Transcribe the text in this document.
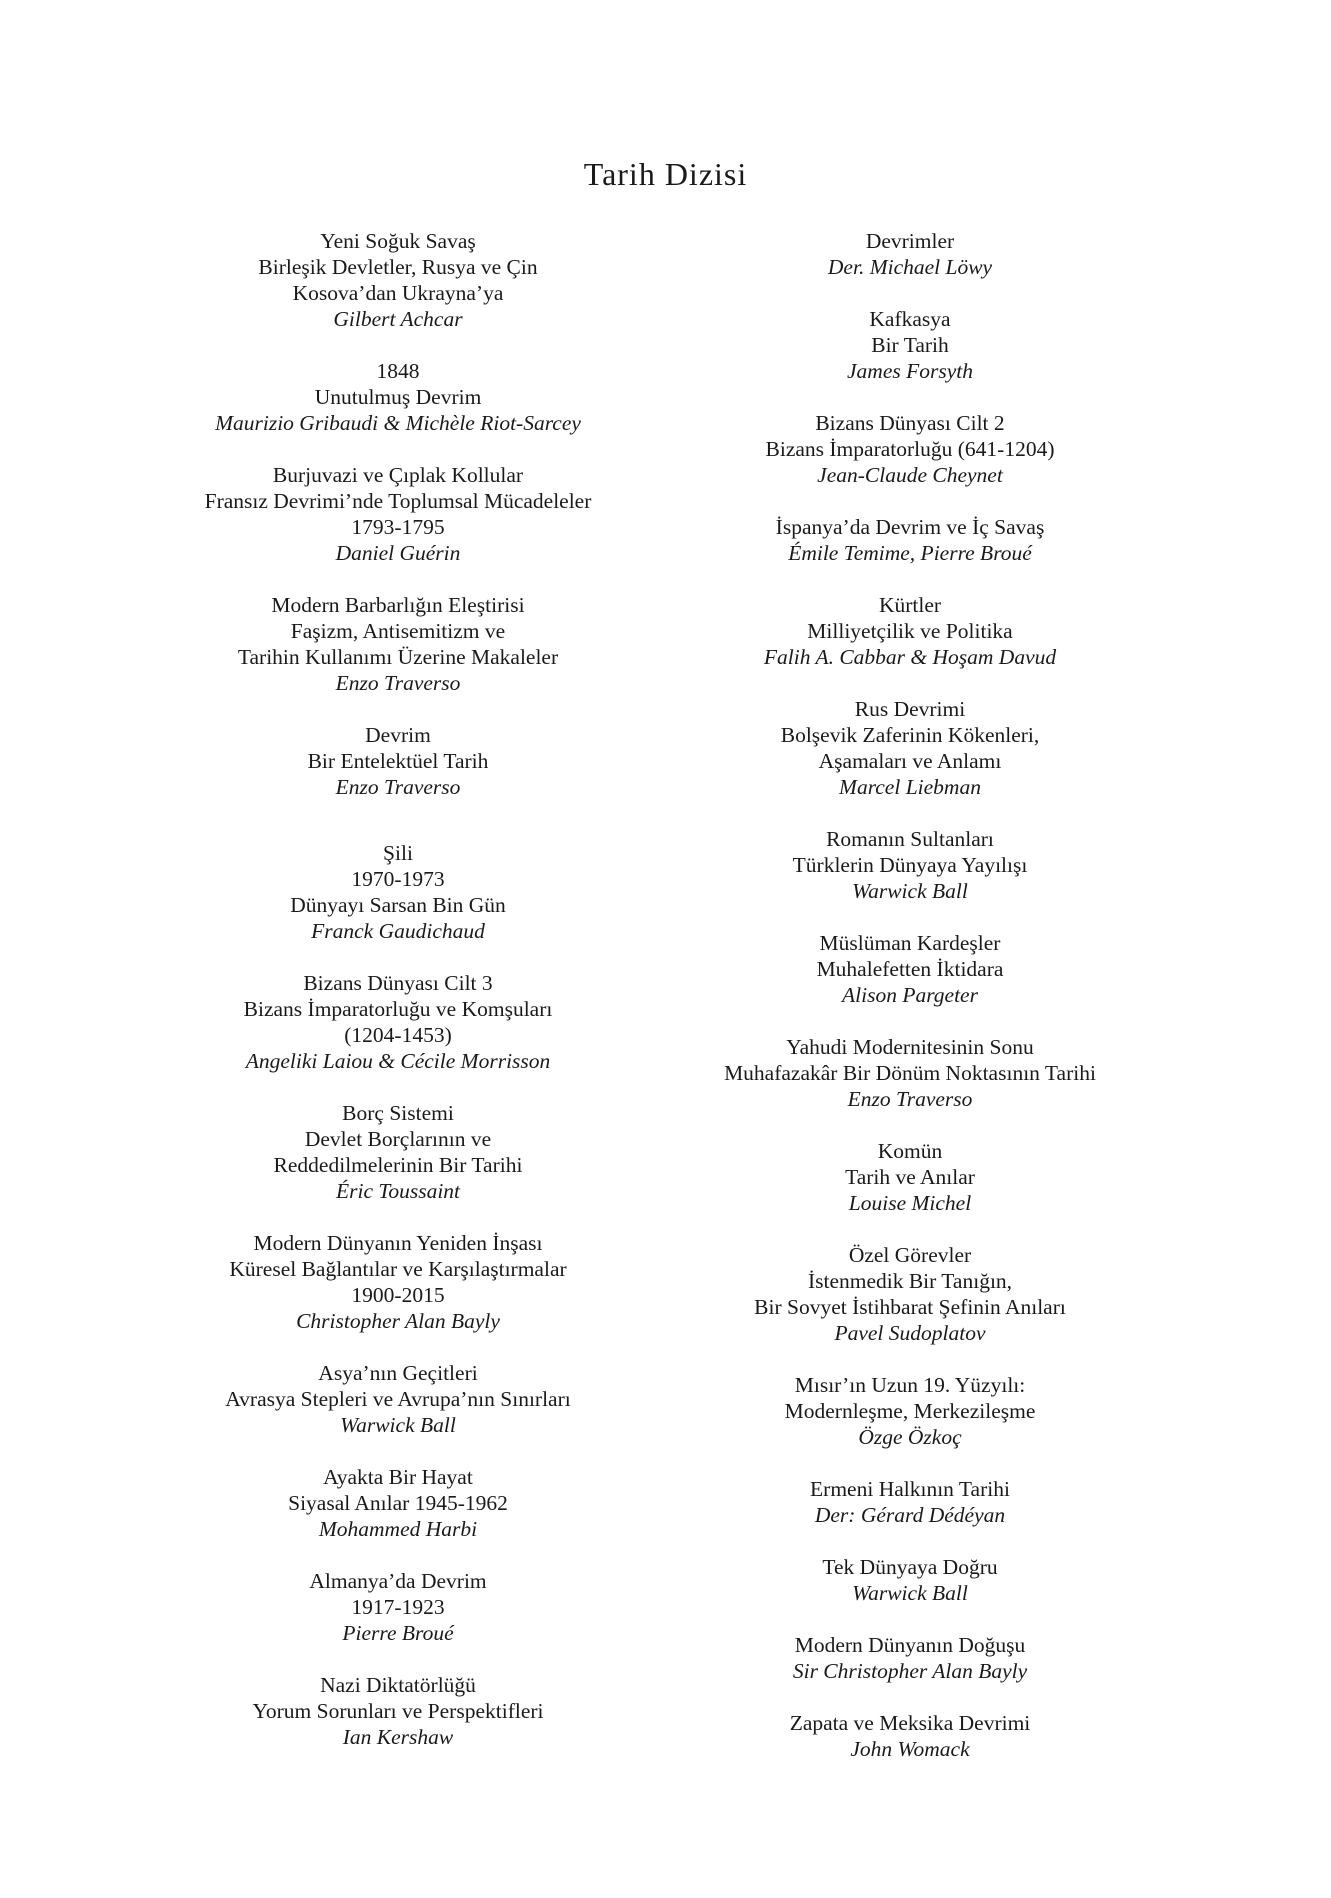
Tarih Dizisi
Yeni Soğuk Savaş
Birleşik Devletler, Rusya ve Çin
Kosova’dan Ukrayna’ya
Gilbert Achcar
1848
Unutulmuş Devrim
Maurizio Gribaudi & Michèle Riot-Sarcey
Burjuvazi ve Çıplak Kollular
Fransız Devrimi’nde Toplumsal Mücadeleler
1793-1795
Daniel Guérin
Modern Barbarlığın Eleştirisi
Faşizm, Antisemitizm ve
Tarihin Kullanımı Üzerine Makaleler
Enzo Traverso
Devrim
Bir Entelektüel Tarih
Enzo Traverso
Şili
1970-1973
Dünyayı Sarsan Bin Gün
Franck Gaudichaud
Bizans Dünyası Cilt 3
Bizans İmparatorluğu ve Komşuları
(1204-1453)
Angeliki Laiou & Cécile Morrisson
Borç Sistemi
Devlet Borçlarının ve
Reddedilmelerinin Bir Tarihi
Éric Toussaint
Modern Dünyanın Yeniden İnşası
Küresel Bağlantılar ve Karşılaştırmalar
1900-2015
Christopher Alan Bayly
Asya’nın Geçitleri
Avrasya Stepleri ve Avrupa’nın Sınırları
Warwick Ball
Ayakta Bir Hayat
Siyasal Anılar 1945-1962
Mohammed Harbi
Almanya’da Devrim
1917-1923
Pierre Broué
Nazi Diktatörlüğü
Yorum Sorunları ve Perspektifleri
Ian Kershaw
Devrimler
Der. Michael Löwy
Kafkasya
Bir Tarih
James Forsyth
Bizans Dünyası Cilt 2
Bizans İmparatorluğu (641-1204)
Jean-Claude Cheynet
İspanya’da Devrim ve İç Savaş
Émile Temime, Pierre Broué
Kürtler
Milliyetçilik ve Politika
Falih A. Cabbar & Hoşam Davud
Rus Devrimi
Bolşevik Zaferinin Kökenleri,
Aşamaları ve Anlamı
Marcel Liebman
Romanın Sultanları
Türklerin Dünyaya Yayılışı
Warwick Ball
Müslüman Kardeşler
Muhalefetten İktidara
Alison Pargeter
Yahudi Modernitesinin Sonu
Muhafazakâr Bir Dönüm Noktasının Tarihi
Enzo Traverso
Komün
Tarih ve Anılar
Louise Michel
Özel Görevler
İstenmedik Bir Tanığın,
Bir Sovyet İstihbarat Şefinin Anıları
Pavel Sudoplatov
Mısır’ın Uzun 19. Yüzyılı:
Modernleşme, Merkezileşme
Özge Özkoç
Ermeni Halkının Tarihi
Der: Gérard Dédéyan
Tek Dünyaya Doğru
Warwick Ball
Modern Dünyanın Doğuşu
Sir Christopher Alan Bayly
Zapata ve Meksika Devrimi
John Womack
